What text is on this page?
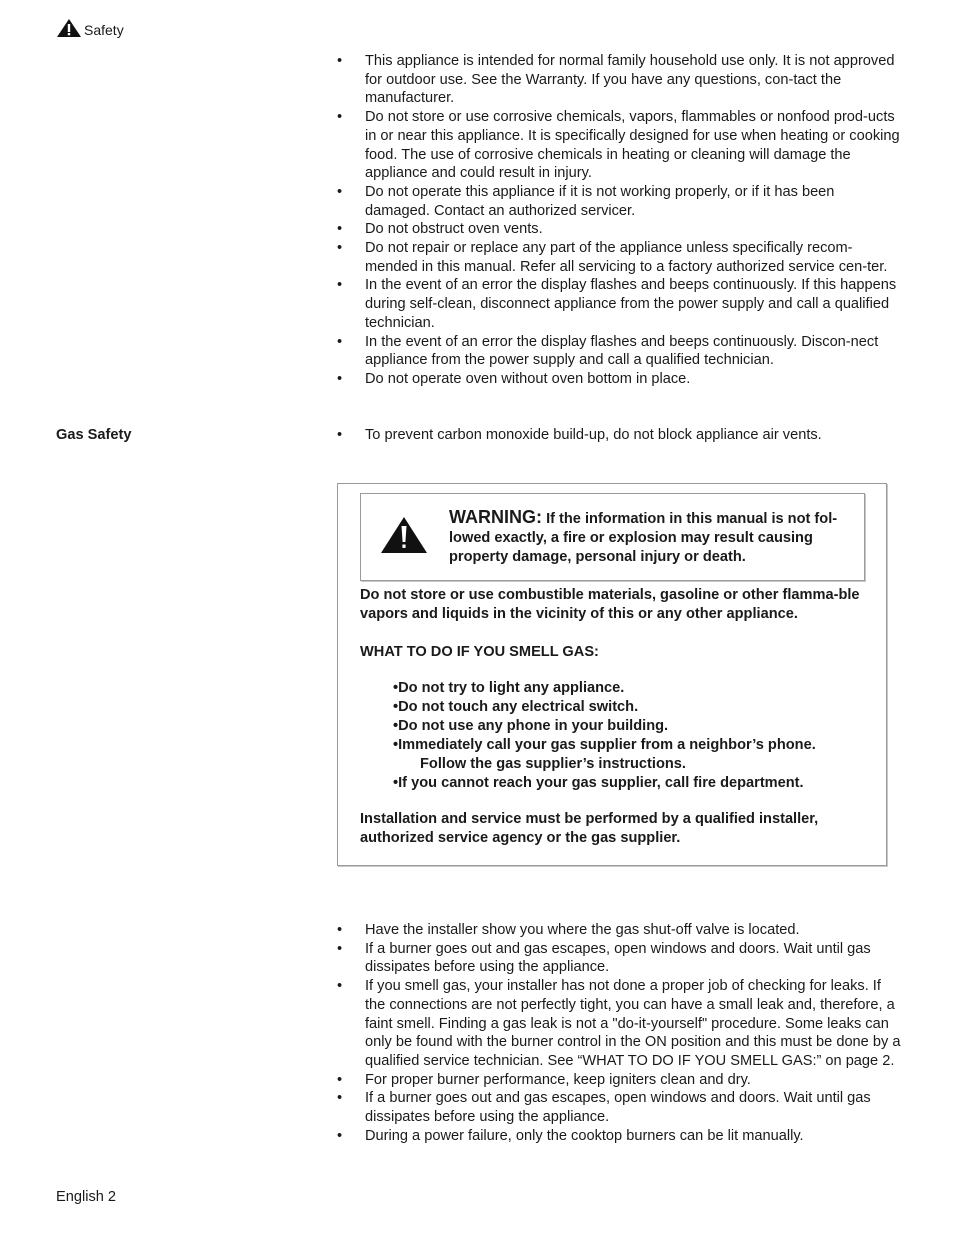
Safety
•	This appliance is intended for normal family household use only. It is not approved for outdoor use. See the Warranty. If you have any questions, con-tact the manufacturer.
•	Do not store or use corrosive chemicals, vapors, flammables or nonfood prod-ucts in or near this appliance. It is specifically designed for use when heating or cooking food. The use of corrosive chemicals in heating or cleaning will damage the appliance and could result in injury.
•	Do not operate this appliance if it is not working properly, or if it has been damaged. Contact an authorized servicer.
•	Do not obstruct oven vents.
•	Do not repair or replace any part of the appliance unless specifically recom-mended in this manual. Refer all servicing to a factory authorized service cen-ter.
•	In the event of an error the display flashes and beeps continuously. If this happens during self-clean, disconnect appliance from the power supply and call a qualified technician.
•	In the event of an error the display flashes and beeps continuously. Discon-nect appliance from the power supply and call a qualified technician.
•	Do not operate oven without oven bottom in place.
Gas Safety	•	To prevent carbon monoxide build-up, do not block appliance air vents.
WARNING: If the information in this manual is not fol-lowed exactly, a fire or explosion may result causing property damage, personal injury or death.
Do not store or use combustible materials, gasoline or other flamma-ble vapors and liquids in the vicinity of this or any other appliance.
WHAT TO DO IF YOU SMELL GAS:
•Do not try to light any appliance.
•Do not touch any electrical switch.
•Do not use any phone in your building.
•Immediately call your gas supplier from a neighbor’s phone.
Follow the gas supplier’s instructions.
•If you cannot reach your gas supplier, call fire department.
Installation and service must be performed by a qualified installer, authorized service agency or the gas supplier.
•	Have the installer show you where the gas shut-off valve is located.
•	If a burner goes out and gas escapes, open windows and doors. Wait until gas dissipates before using the appliance.
•	If you smell gas, your installer has not done a proper job of checking for leaks. If the connections are not perfectly tight, you can have a small leak and, therefore, a faint smell. Finding a gas leak is not a "do-it-yourself" procedure. Some leaks can only be found with the burner control in the ON position and this must be done by a qualified service technician. See “WHAT TO DO IF YOU SMELL GAS:” on page 2.
•	For proper burner performance, keep igniters clean and dry.
•	If a burner goes out and gas escapes, open windows and doors. Wait until gas dissipates before using the appliance.
•	During a power failure, only the cooktop burners can be lit manually.
English 2
